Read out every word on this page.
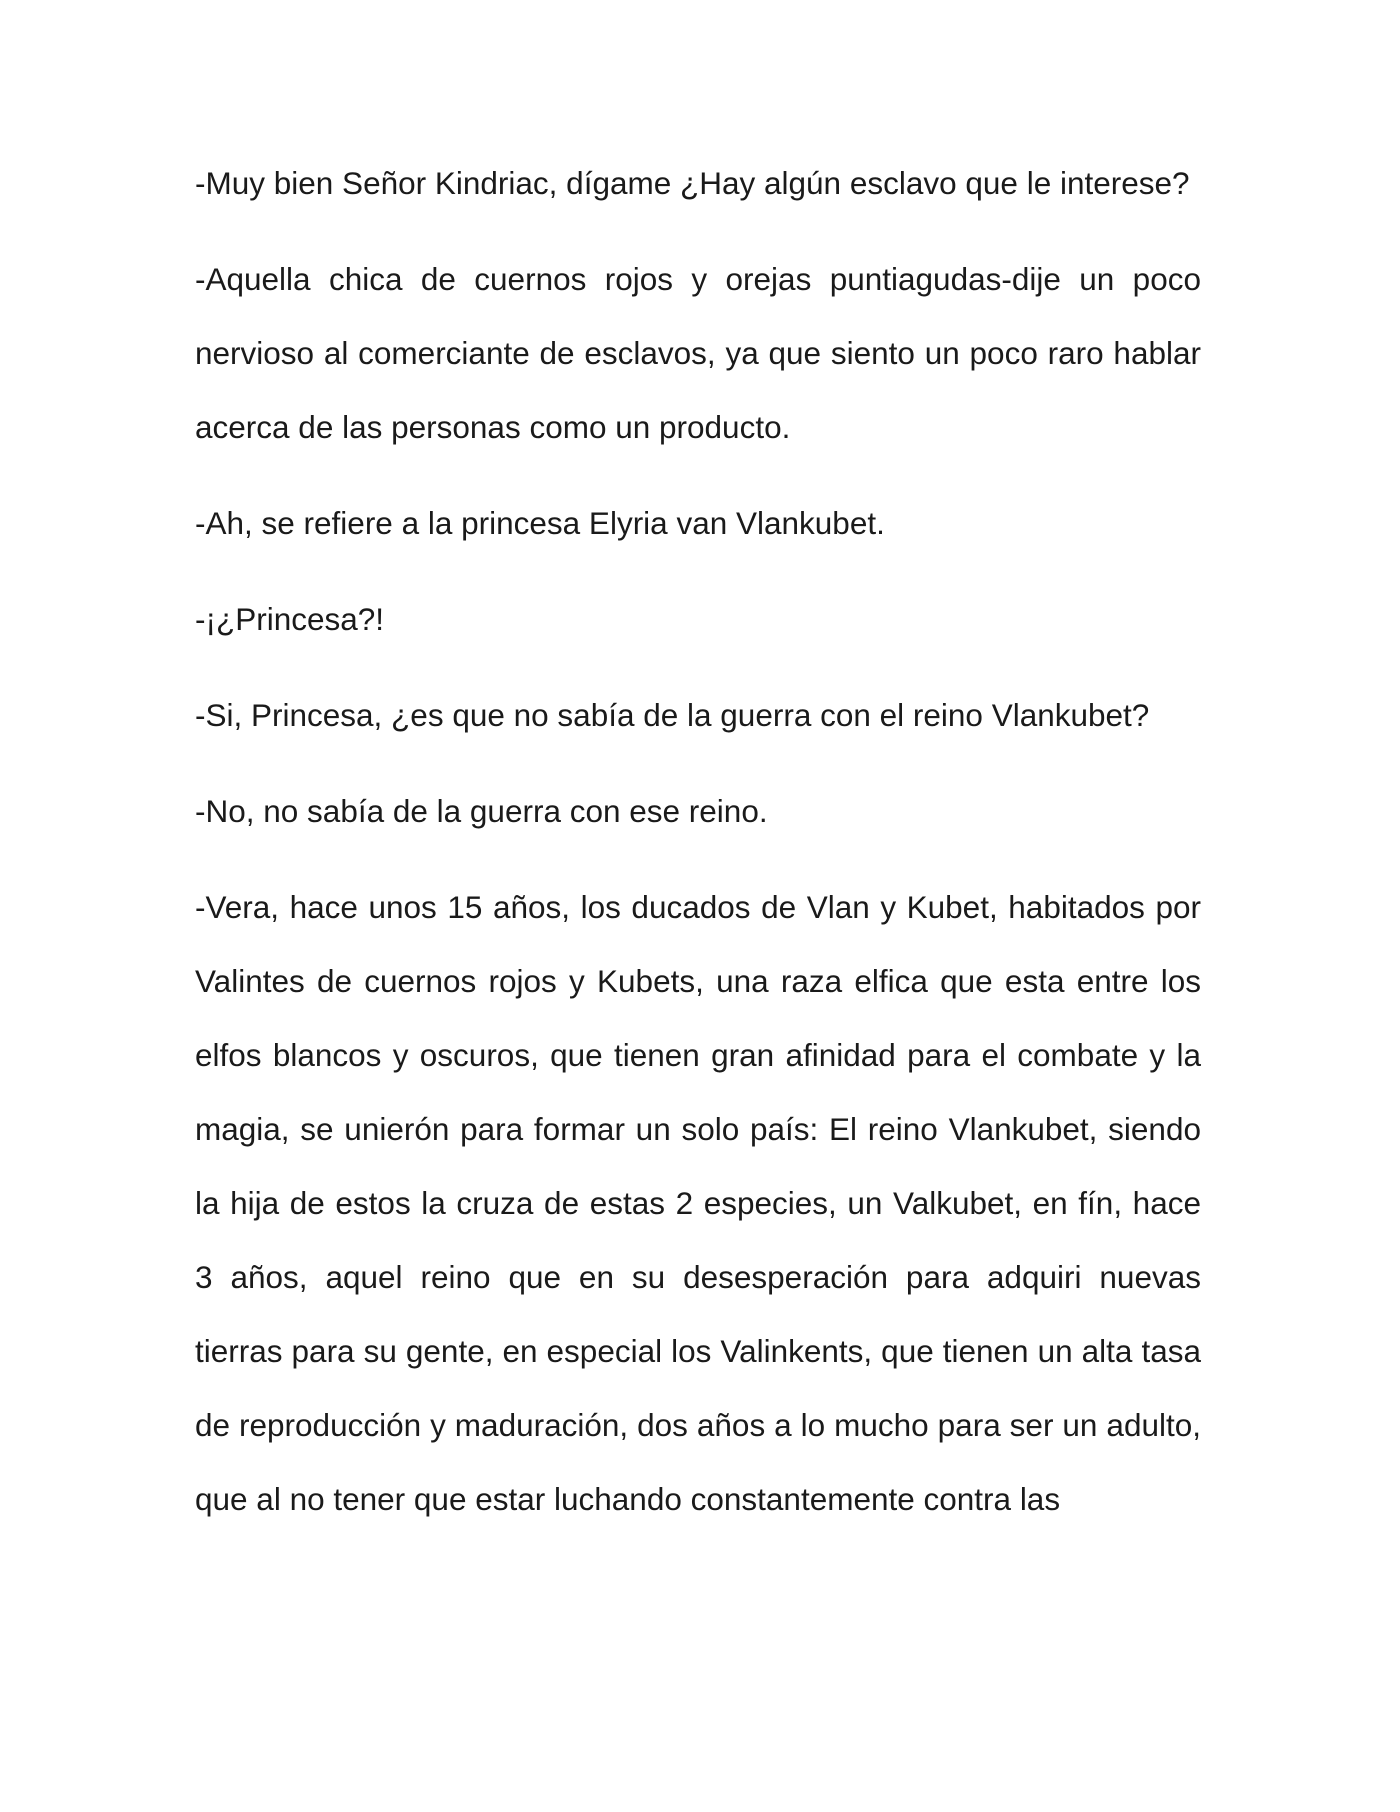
-Muy bien Señor Kindriac, dígame ¿Hay algún esclavo que le interese?

-Aquella chica de cuernos rojos y orejas puntiagudas-dije un poco nervioso al comerciante de esclavos, ya que siento un poco raro hablar acerca de las personas como un producto.

-Ah, se refiere a la princesa Elyria van Vlankubet.

-¡¿Princesa?!

-Si, Princesa, ¿es que no sabía de la guerra con el reino Vlankubet?

-No, no sabía de la guerra con ese reino.

-Vera, hace unos 15 años, los ducados de Vlan y Kubet, habitados por Valintes de cuernos rojos y Kubets, una raza elfica que esta entre los elfos blancos y oscuros, que tienen gran afinidad para el combate y la magia, se unierón para formar un solo país: El reino Vlankubet, siendo la hija de estos la cruza de estas 2 especies, un Valkubet, en fín, hace 3 años, aquel reino que en su desesperación para adquiri nuevas tierras para su gente, en especial los Valinkents, que tienen un alta tasa de reproducción y maduración, dos años a lo mucho para ser un adulto, que al no tener que estar luchando constantemente contra las
